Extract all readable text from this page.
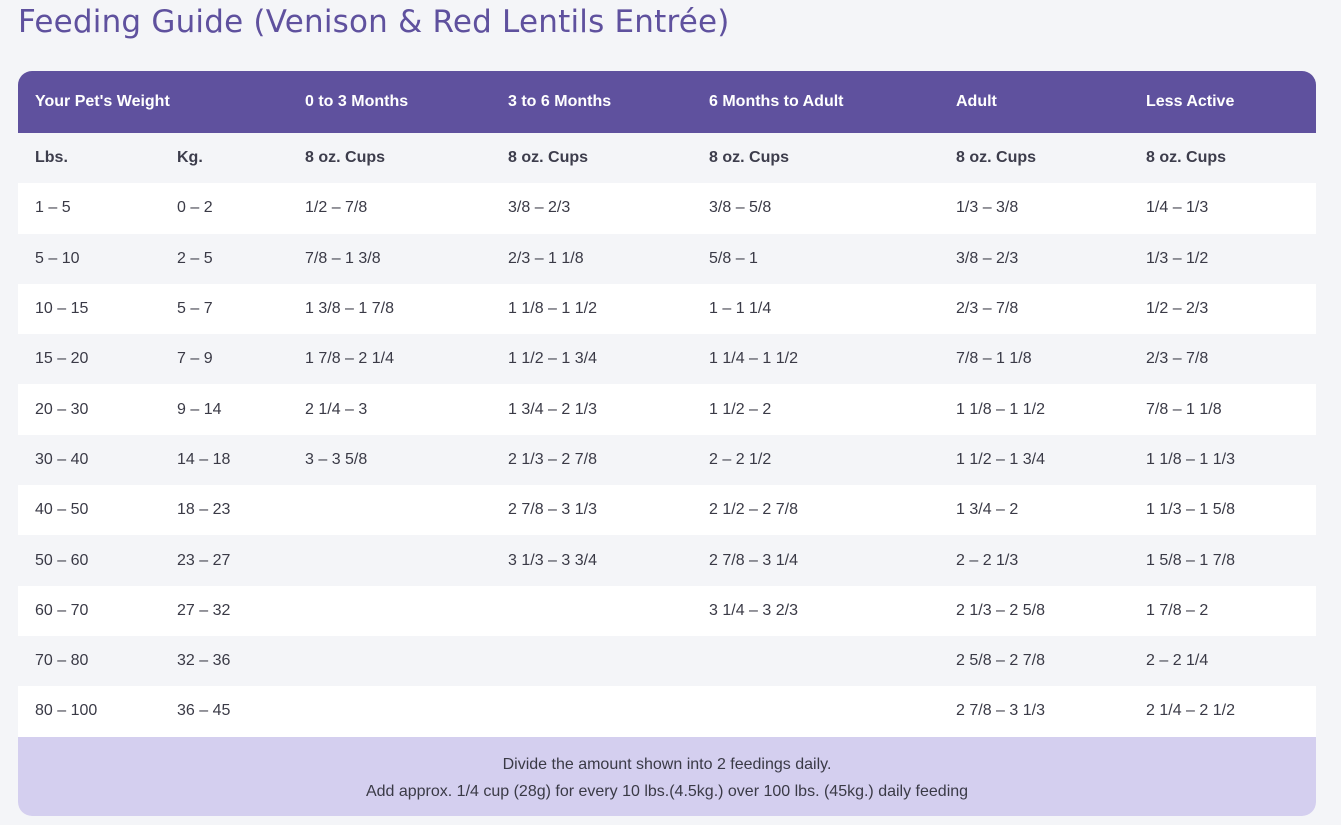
Feeding Guide (Venison & Red Lentils Entrée)
Your Pet's Weight		0 to 3 Months	3 to 6 Months	6 Months to Adult	Adult	Less Active
Lbs.	Kg.	8 oz. Cups	8 oz. Cups	8 oz. Cups	8 oz. Cups	8 oz. Cups
1 – 5	0 – 2	1/2 – 7/8	3/8 – 2/3	3/8 – 5/8	1/3 – 3/8	1/4 – 1/3
5 – 10	2 – 5	7/8 – 1 3/8	2/3 – 1 1/8	5/8 – 1	3/8 – 2/3	1/3 – 1/2
10 – 15	5 – 7	1 3/8 – 1 7/8	1 1/8 – 1 1/2	1 – 1 1/4	2/3 – 7/8	1/2 – 2/3
15 – 20	7 – 9	1 7/8 – 2 1/4	1 1/2 – 1 3/4	1 1/4 – 1 1/2	7/8 – 1 1/8	2/3 – 7/8
20 – 30	9 – 14	2 1/4 – 3	1 3/4 – 2 1/3	1 1/2 – 2	1 1/8 – 1 1/2	7/8 – 1 1/8
30 – 40	14 – 18	3 – 3 5/8	2 1/3 – 2 7/8	2 – 2 1/2	1 1/2 – 1 3/4	1 1/8 – 1 1/3
40 – 50	18 – 23		2 7/8 – 3 1/3	2 1/2 – 2 7/8	1 3/4 – 2	1 1/3 – 1 5/8
50 – 60	23 – 27		3 1/3 – 3 3/4	2 7/8 – 3 1/4	2 – 2 1/3	1 5/8 – 1 7/8
60 – 70	27 – 32			3 1/4 – 3 2/3	2 1/3 – 2 5/8	1 7/8 – 2
70 – 80	32 – 36				2 5/8 – 2 7/8	2 – 2 1/4
80 – 100	36 – 45				2 7/8 – 3 1/3	2 1/4 – 2 1/2
Divide the amount shown into 2 feedings daily.
Add approx. 1/4 cup (28g) for every 10 lbs.(4.5kg.) over 100 lbs. (45kg.) daily feeding
